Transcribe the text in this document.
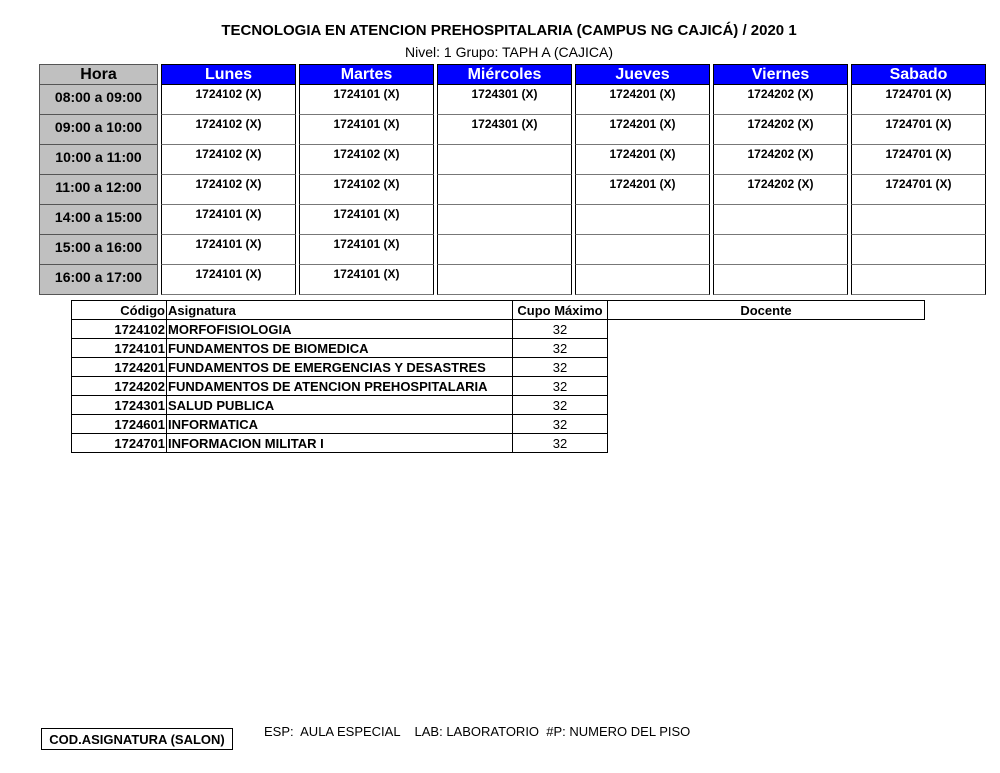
TECNOLOGIA EN ATENCION PREHOSPITALARIA (CAMPUS NG CAJICÁ) / 2020 1
Nivel: 1 Grupo: TAPH A (CAJICA)
Hora		Lunes		Martes		Miércoles		Jueves		Viernes		Sabado
08:00 a 09:00		1724102 (X)		1724101 (X)		1724301 (X)		1724201 (X)		1724202 (X)		1724701 (X)
09:00 a 10:00		1724102 (X)		1724101 (X)		1724301 (X)		1724201 (X)		1724202 (X)		1724701 (X)
10:00 a 11:00		1724102 (X)		1724102 (X)				1724201 (X)		1724202 (X)		1724701 (X)
11:00 a 12:00		1724102 (X)		1724102 (X)				1724201 (X)		1724202 (X)		1724701 (X)
14:00 a 15:00		1724101 (X)		1724101 (X)								
15:00 a 16:00		1724101 (X)		1724101 (X)								
16:00 a 17:00		1724101 (X)		1724101 (X)								
Código	Asignatura	Cupo Máximo	Docente
1724102	MORFOFISIOLOGIA	32	
1724101	FUNDAMENTOS DE BIOMEDICA	32	
1724201	FUNDAMENTOS DE EMERGENCIAS Y DESASTRES	32	
1724202	FUNDAMENTOS DE ATENCION PREHOSPITALARIA	32	
1724301	SALUD PUBLICA	32	
1724601	INFORMATICA	32	
1724701	INFORMACION MILITAR I	32	
COD.ASIGNATURA (SALON)
ESP:  AULA ESPECIAL    LAB: LABORATORIO  #P: NUMERO DEL PISO
